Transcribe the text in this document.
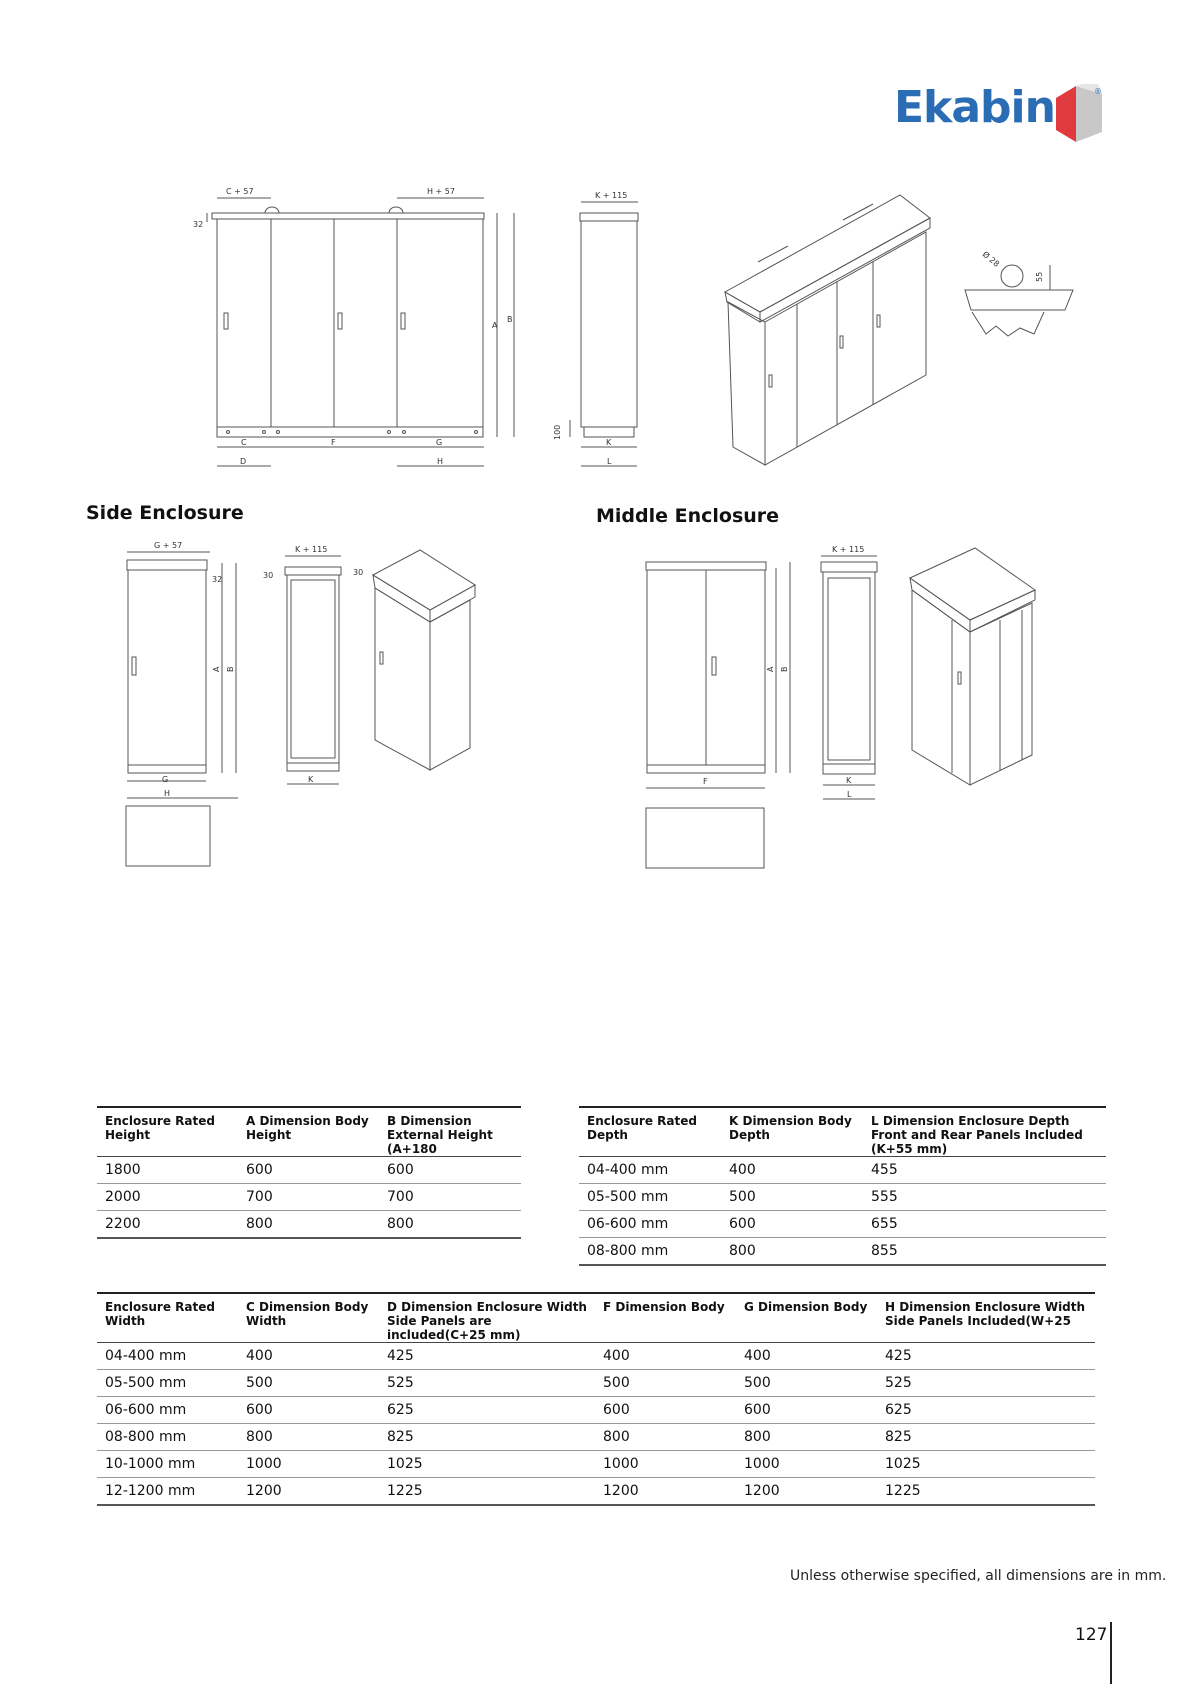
Ekabin	®
C + 57	H + 57
32
A
B
C	F	G
D	H
K + 115
100
K
L
Ø 28
55
G + 57
32
A B
G
H
K + 115
30	30
K
A B
F
K + 115
K
L
Side Enclosure	Middle Enclosure
Enclosure Rated Height	A Dimension Body Height	B Dimension External Height (A+180
1800	600	600
2000	700	700
2200	800	800
Enclosure Rated Depth	K Dimension Body Depth	L Dimension Enclosure Depth Front and Rear Panels Included (K+55 mm)
04-400 mm	400	455
05-500 mm	500	555
06-600 mm	600	655
08-800 mm	800	855
Enclosure Rated Width	C Dimension Body Width	D Dimension Enclosure Width Side Panels are included(C+25 mm)	F Dimension Body	G Dimension Body	H Dimension Enclosure Width Side Panels Included(W+25
04-400 mm	400	425	400	400	425
05-500 mm	500	525	500	500	525
06-600 mm	600	625	600	600	625
08-800 mm	800	825	800	800	825
10-1000 mm	1000	1025	1000	1000	1025
12-1200 mm	1200	1225	1200	1200	1225
Unless otherwise specified, all dimensions are in mm.
127
